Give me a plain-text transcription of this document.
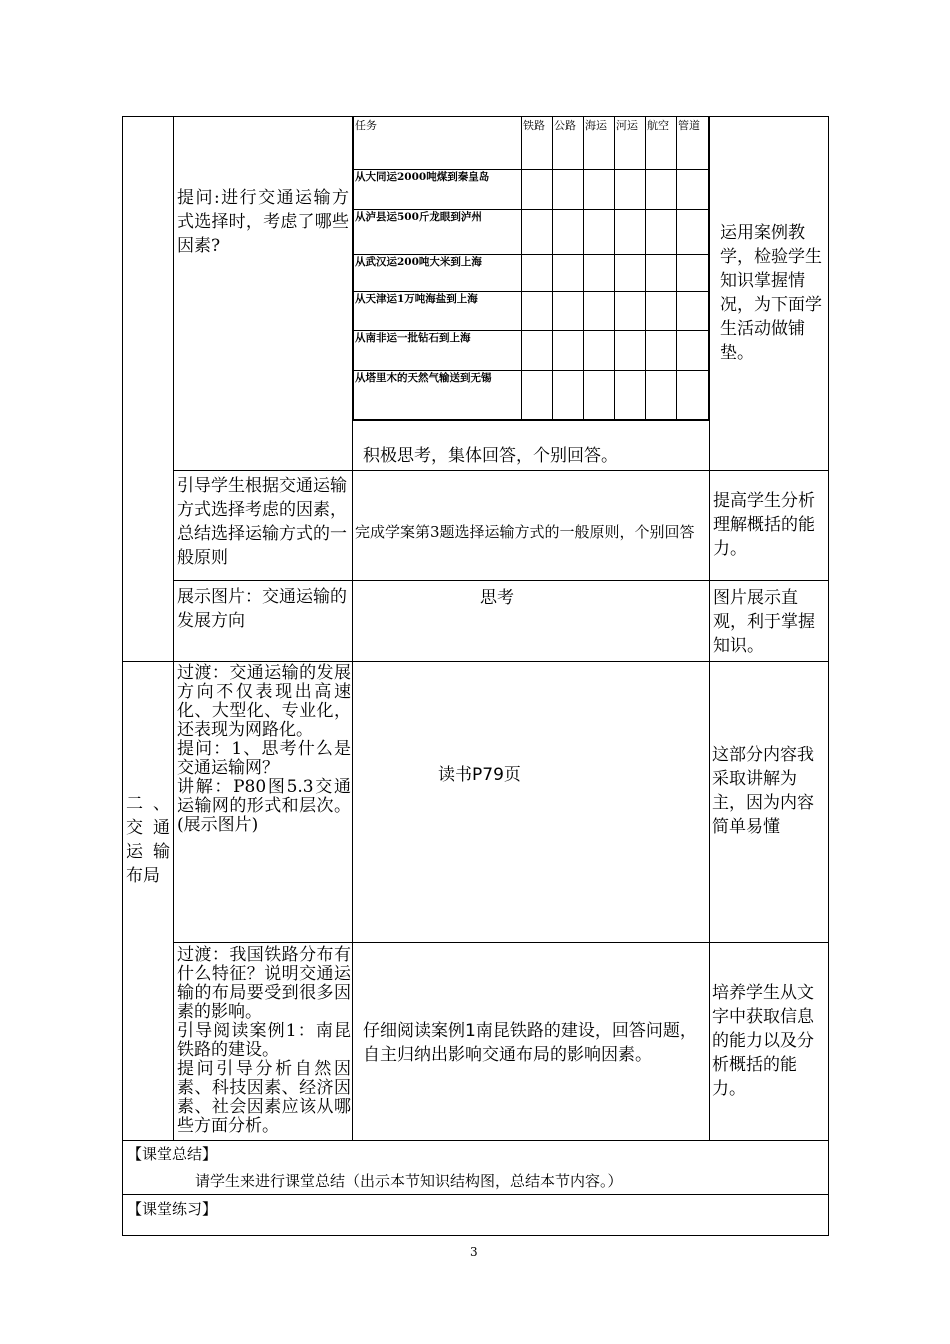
任务	铁路 公路 海运 河运 航空 管道
从大同运2000吨煤到秦皇岛
从泸县运500斤龙眼到泸州
从武汉运200吨大米到上海
从天津运1万吨海盐到上海
从南非运一批钻石到上海
从塔里木的天然气输送到无锡
提问:进行交通运输方式选择时，考虑了哪些因素?
引导学生根据交通运输方式选择考虑的因素，总结选择运输方式的一般原则
展示图片：交通运输的发展方向
过渡：交通运输的发展方向不仅表现出高速化、大型化、专业化，还表现为网路化。
提问：1、思考什么是交通运输网？
讲解：P80图5.3交通运输网的形式和层次。(展示图片)
过渡：我国铁路分布有什么特征？说明交通运输的布局要受到很多因素的影响。
引导阅读案例1：南昆铁路的建设。
提问引导分析自然因素、科技因素、经济因素、社会因素应该从哪些方面分析。
二、交通运输布局
积极思考，集体回答，个别回答。
完成学案第3题选择运输方式的一般原则，个别回答
思考
读书P79页
仔细阅读案例1南昆铁路的建设，回答问题，自主归纳出影响交通布局的影响因素。
运用案例教学，检验学生知识掌握情况，为下面学生活动做铺垫。
提高学生分析理解概括的能力。
图片展示直观，利于掌握知识。
这部分内容我采取讲解为主，因为内容简单易懂
培养学生从文字中获取信息的能力以及分析概括的能力。
【课堂总结】
请学生来进行课堂总结（出示本节知识结构图，总结本节内容。）
【课堂练习】
3
